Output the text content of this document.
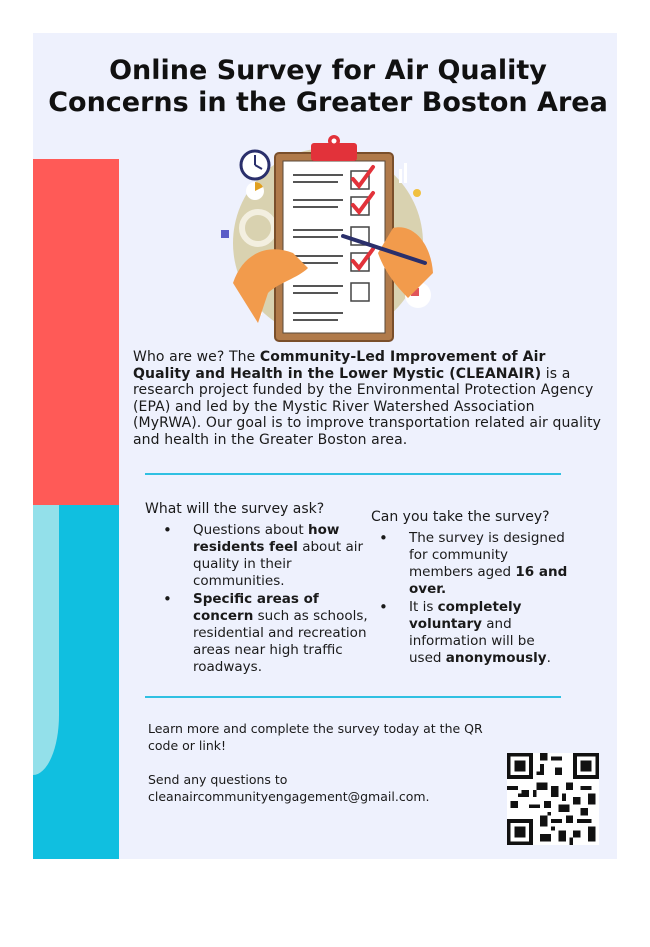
Online Survey for Air Quality Concerns in the Greater Boston Area
Who are we? The Community-Led Improvement of Air Quality and Health in the Lower Mystic (CLEANAIR) is a research project funded by the Environmental Protection Agency (EPA) and led by the Mystic River Watershed Association (MyRWA). Our goal is to improve transportation related air quality and health in the Greater Boston area.
What will the survey ask?
• Questions about how residents feel about air quality in their communities.
• Specific areas of concern such as schools, residential and recreation areas near high traffic roadways.
Can you take the survey?
• The survey is designed for community members aged 16 and over.
• It is completely voluntary and information will be used anonymously.
Learn more and complete the survey today at the QR code or link!
Send any questions to cleanaircommunityengagement@gmail.com.
